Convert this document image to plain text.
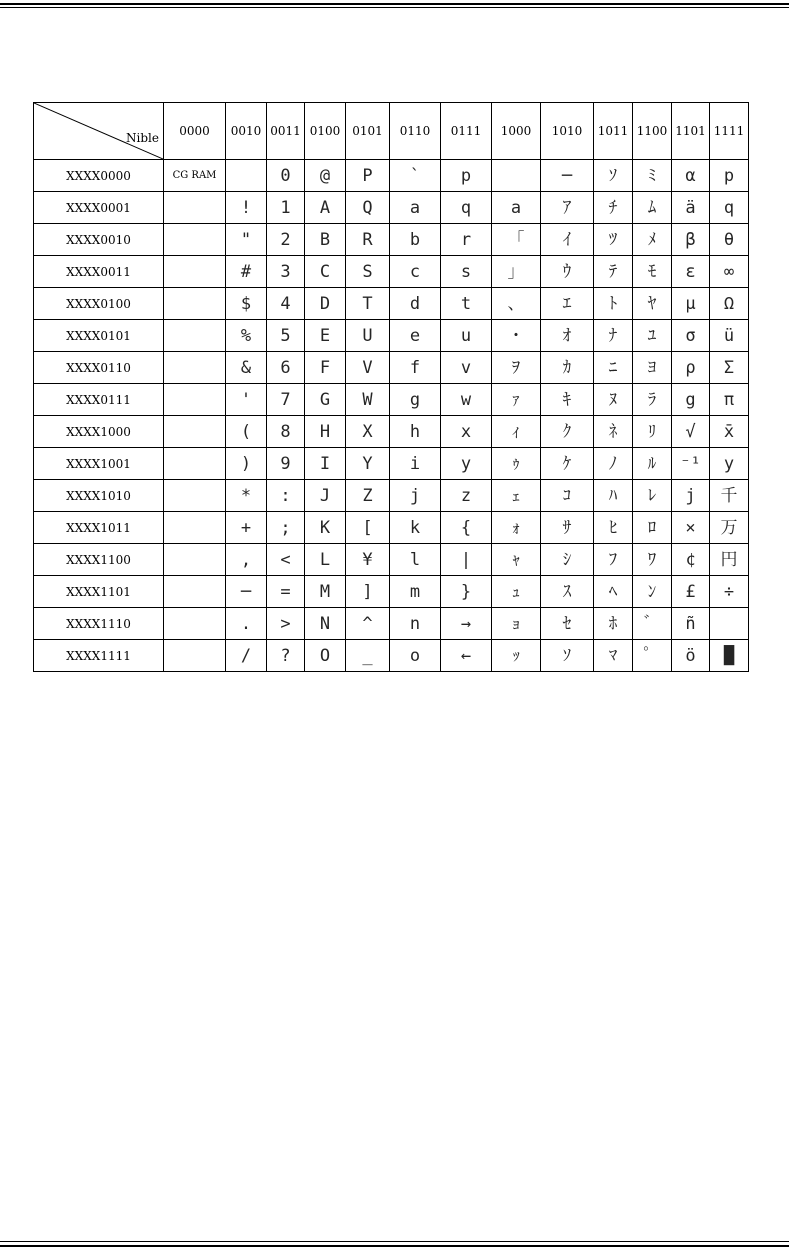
Nible	0000	0010	0011	0100	0101	0110	0111	1000	1010	1011	1100	1101	1111
XXXX0000	CG RAM		0	@	P	`	p		─	ｿ	ﾐ	α	p
XXXX0001		!	1	A	Q	a	q	a	ｱ	ﾁ	ﾑ	ä	q
XXXX0010		"	2	B	R	b	r	「	ｲ	ﾂ	ﾒ	β	θ
XXXX0011		#	3	C	S	c	s	」	ｳ	ﾃ	ﾓ	ε	∞
XXXX0100		$	4	D	T	d	t	、	ｴ	ﾄ	ﾔ	μ	Ω
XXXX0101		%	5	E	U	e	u	・	ｵ	ﾅ	ﾕ	σ	ü
XXXX0110		&	6	F	V	f	v	ｦ	ｶ	ﾆ	ﾖ	ρ	Σ
XXXX0111		'	7	G	W	g	w	ｧ	ｷ	ﾇ	ﾗ	g	π
XXXX1000		(	8	H	X	h	x	ｨ	ｸ	ﾈ	ﾘ	√	x̄
XXXX1001		)	9	I	Y	i	y	ｩ	ｹ	ﾉ	ﾙ	⁻¹	y
XXXX1010		*	:	J	Z	j	z	ｪ	ｺ	ﾊ	ﾚ	j	千
XXXX1011		+	;	K	[	k	{	ｫ	ｻ	ﾋ	ﾛ	×	万
XXXX1100		,	<	L	¥	l	|	ｬ	ｼ	ﾌ	ﾜ	¢	円
XXXX1101		─	=	M	]	m	}	ｭ	ｽ	ﾍ	ﾝ	£	÷
XXXX1110		.	>	N	^	n	→	ｮ	ｾ	ﾎ	゛	ñ	
XXXX1111		/	?	O	_	o	←	ｯ	ｿ	ﾏ	゜	ö	█
